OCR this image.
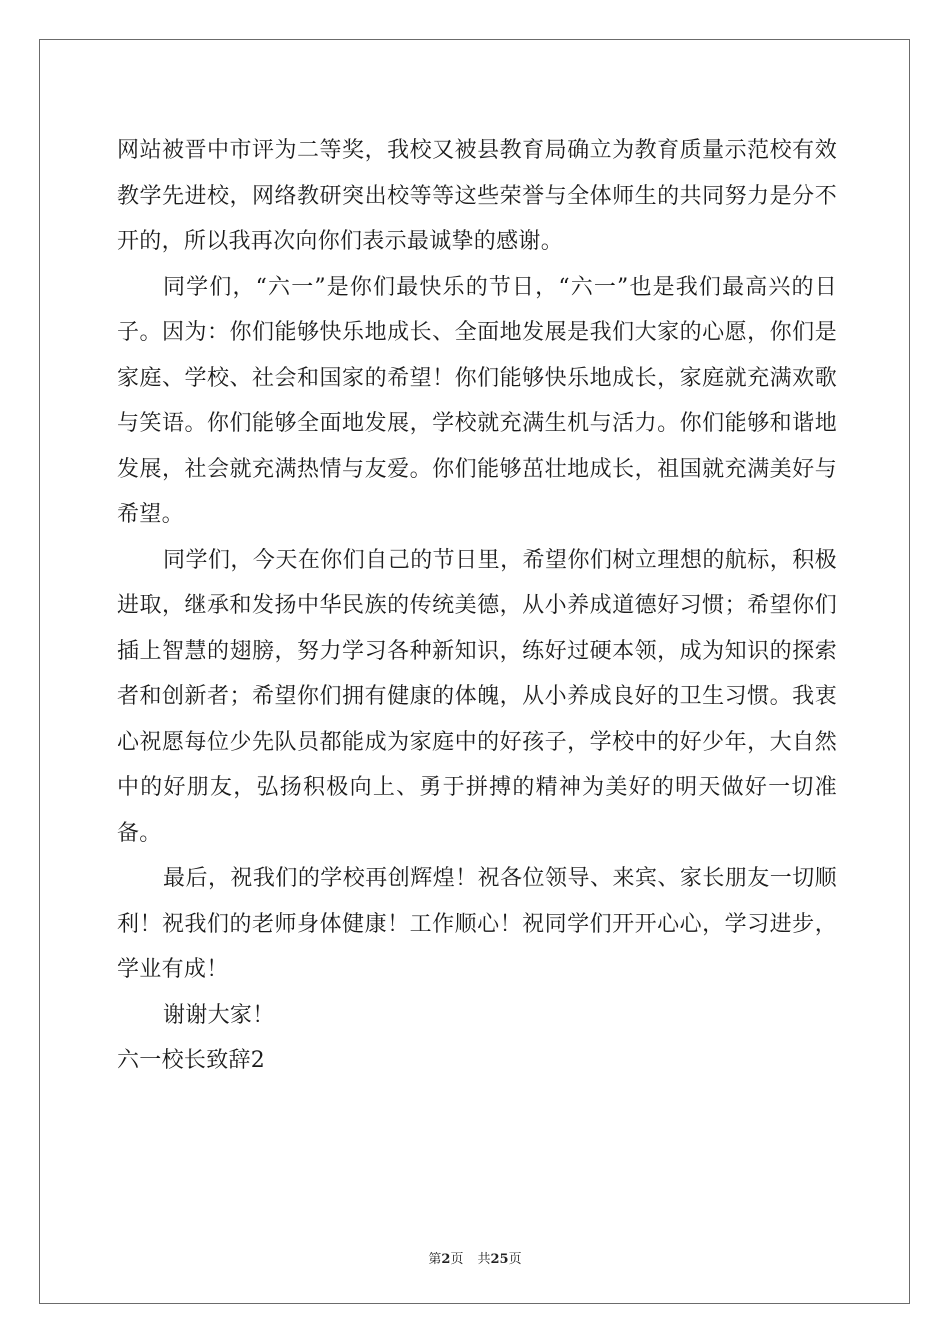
网站被晋中市评为二等奖，我校又被县教育局确立为教育质量示范校有效教学先进校，网络教研突出校等等这些荣誉与全体师生的共同努力是分不开的，所以我再次向你们表示最诚挚的感谢。

同学们，“六一”是你们最快乐的节日，“六一”也是我们最高兴的日子。因为：你们能够快乐地成长、全面地发展是我们大家的心愿，你们是家庭、学校、社会和国家的希望！你们能够快乐地成长，家庭就充满欢歌与笑语。你们能够全面地发展，学校就充满生机与活力。你们能够和谐地发展，社会就充满热情与友爱。你们能够茁壮地成长，祖国就充满美好与希望。

同学们，今天在你们自己的节日里，希望你们树立理想的航标，积极进取，继承和发扬中华民族的传统美德，从小养成道德好习惯；希望你们插上智慧的翅膀，努力学习各种新知识，练好过硬本领，成为知识的探索者和创新者；希望你们拥有健康的体魄，从小养成良好的卫生习惯。我衷心祝愿每位少先队员都能成为家庭中的好孩子，学校中的好少年，大自然中的好朋友，弘扬积极向上、勇于拼搏的精神为美好的明天做好一切准备。

最后，祝我们的学校再创辉煌！祝各位领导、来宾、家长朋友一切顺利！祝我们的老师身体健康！工作顺心！祝同学们开开心心，学习进步，学业有成！

谢谢大家！

六一校长致辞2

第2页 共25页
